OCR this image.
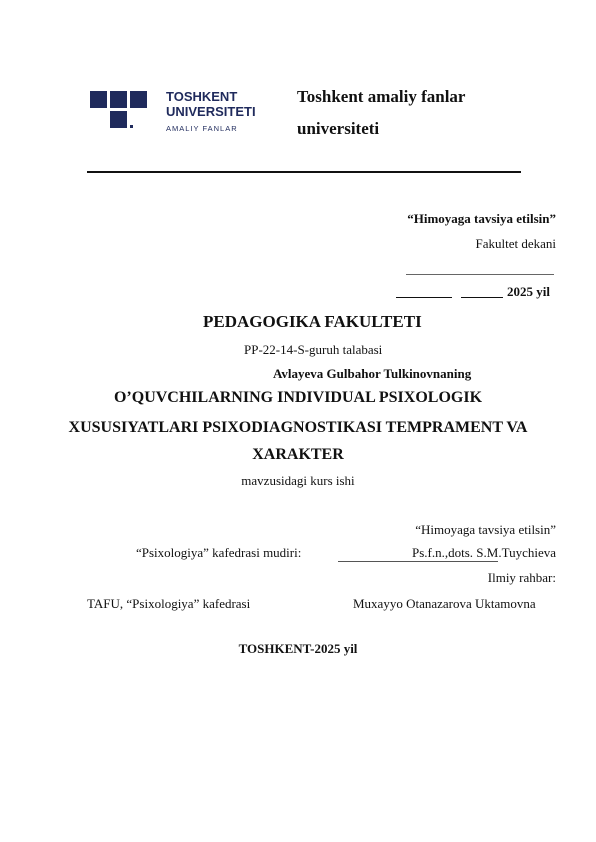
TOSHKENT
UNIVERSITETI
AMALIY FANLAR
Toshkent amaliy fanlar
universiteti
“Himoyaga tavsiya etilsin”
Fakultet dekani
2025 yil
PEDAGOGIKA FAKULTETI
PP-22-14-S-guruh talabasi
Avlayeva Gulbahor Tulkinovnaning
O’QUVCHILARNING INDIVIDUAL PSIXOLOGIK
XUSUSIYATLARI PSIXODIAGNOSTIKASI TEMPRAMENT VA
XARAKTER
mavzusidagi kurs ishi
“Himoyaga tavsiya etilsin”
“Psixologiya” kafedrasi mudiri:	Ps.f.n.,dots. S.M.Tuychieva
Ilmiy rahbar:
TAFU, “Psixologiya” kafedrasi	Muxayyo Otanazarova Uktamovna
TOSHKENT-2025 yil
